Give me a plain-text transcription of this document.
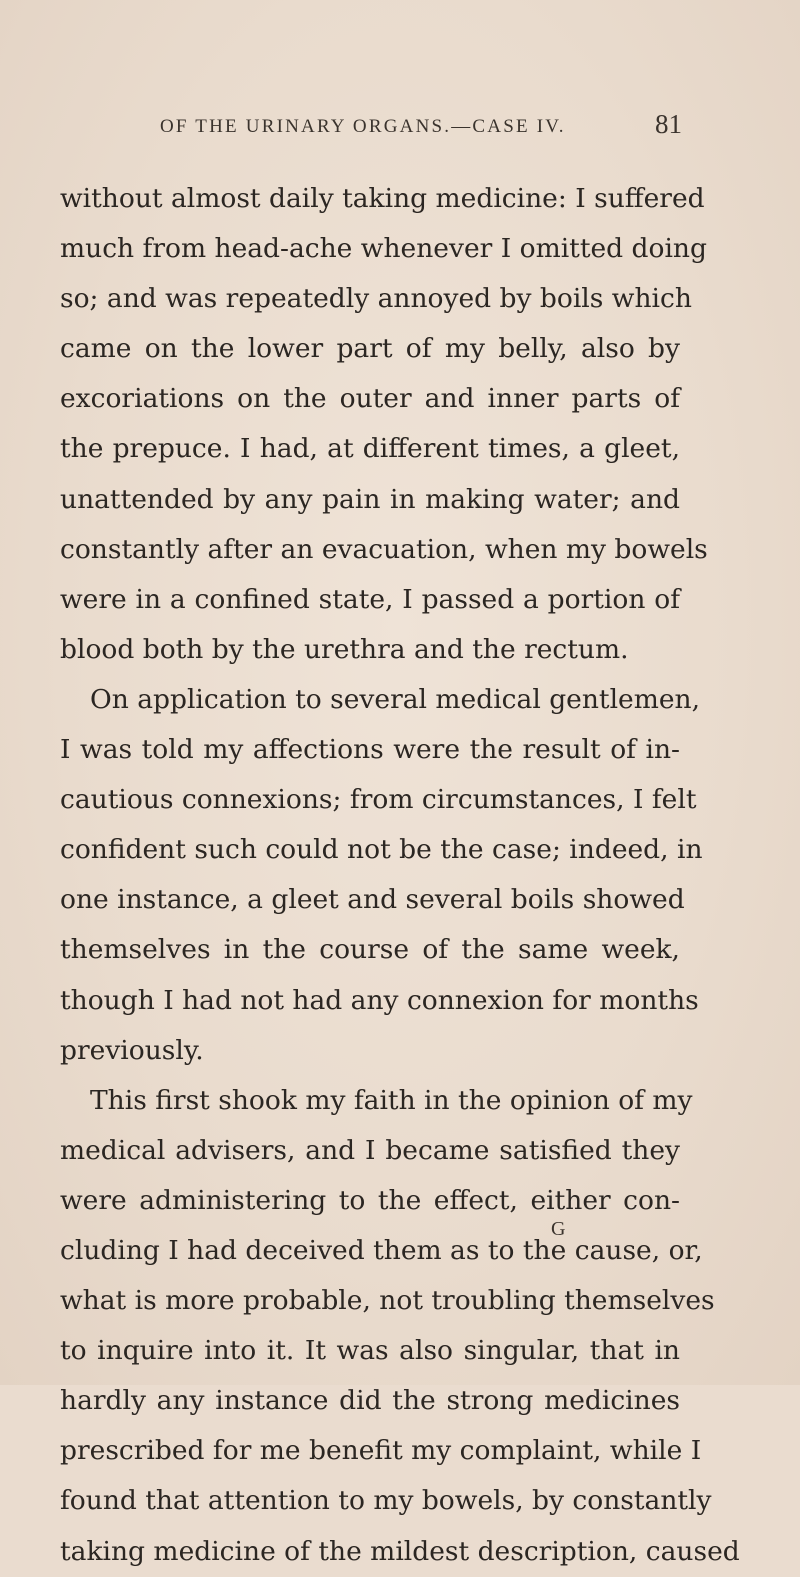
OF THE URINARY ORGANS.—CASE IV.	81
without almost daily taking medicine: I suffered
much from head-ache whenever I omitted doing
so; and was repeatedly annoyed by boils which
came on the lower part of my belly, also by
excoriations on the outer and inner parts of
the prepuce. I had, at different times, a gleet,
unattended by any pain in making water; and
constantly after an evacuation, when my bowels
were in a confined state, I passed a portion of
blood both by the urethra and the rectum.
On application to several medical gentlemen,
I was told my affections were the result of in-
cautious connexions; from circumstances, I felt
confident such could not be the case; indeed, in
one instance, a gleet and several boils showed
themselves in the course of the same week,
though I had not had any connexion for months
previously.
This first shook my faith in the opinion of my
medical advisers, and I became satisfied they
were administering to the effect, either con-
cluding I had deceived them as to the cause, or,
what is more probable, not troubling themselves
to inquire into it. It was also singular, that in
hardly any instance did the strong medicines
prescribed for me benefit my complaint, while I
found that attention to my bowels, by constantly
taking medicine of the mildest description, caused
G
